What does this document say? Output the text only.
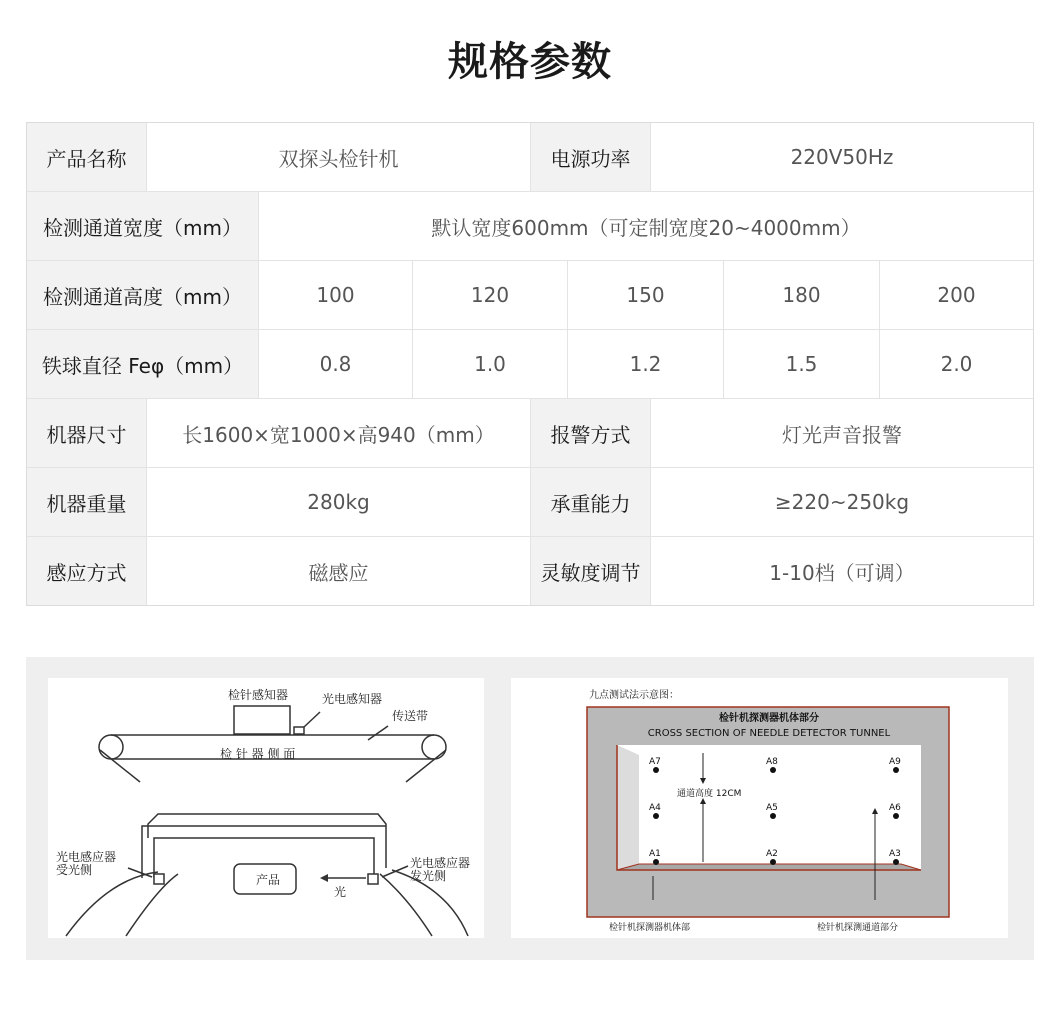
规格参数
产品名称	双探头检针机	电源功率	220V50Hz
检测通道宽度（mm）	默认宽度600mm（可定制宽度20~4000mm）
检测通道高度（mm）	100	120	150	180	200
铁球直径 Feφ（mm）	0.8	1.0	1.2	1.5	2.0
机器尺寸	长1600×宽1000×高940（mm）	报警方式	灯光声音报警
机器重量	280kg	承重能力	≥220~250kg
感应方式	磁感应	灵敏度调节	1-10档（可调）
检针感知器	光电感知器
传送带
检 针 器 侧 面
光电感应器
受光侧	光电感应器
发光侧
产品
光
九点测试法示意图：
检针机探测器机体部分
CROSS SECTION OF NEEDLE DETECTOR TUNNEL
通道高度 12CM
A7	A8	A9
A4	A5	A6
A1	A2	A3
检针机探测器机体部	检针机探测通道部分
